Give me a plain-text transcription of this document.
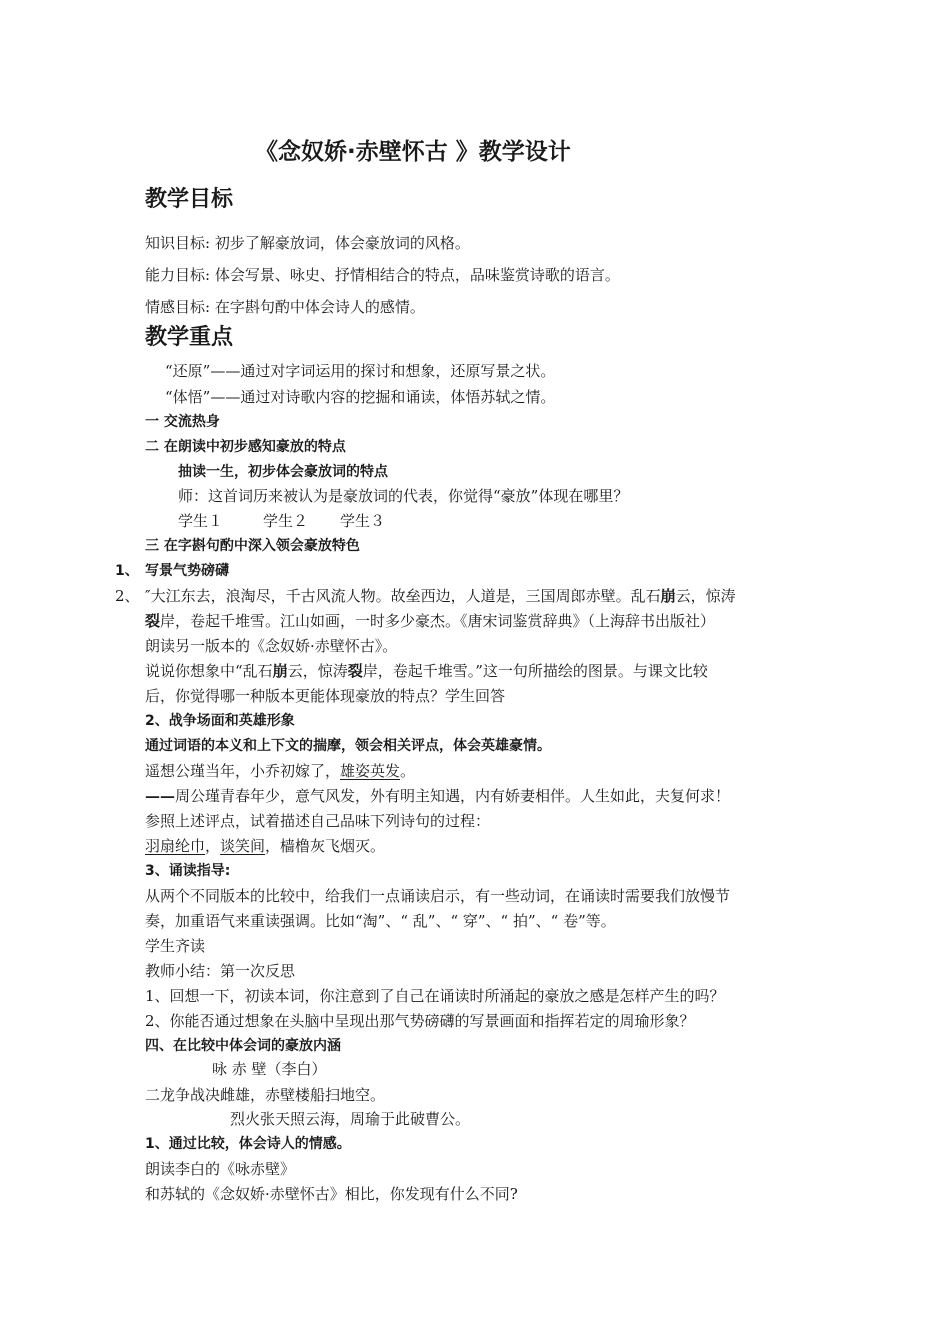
《念奴娇·赤壁怀古 》教学设计
教学目标
知识目标: 初步了解豪放词，体会豪放词的风格。
能力目标: 体会写景、咏史、抒情相结合的特点，品味鉴赏诗歌的语言。
情感目标: 在字斟句酌中体会诗人的感情。
教学重点
“还原”——通过对字词运用的探讨和想象，还原写景之状。
“体悟”——通过对诗歌内容的挖掘和诵读，体悟苏轼之情。
一 交流热身
二 在朗读中初步感知豪放的特点
抽读一生，初步体会豪放词的特点
师：这首词历来被认为是豪放词的代表，你觉得“豪放”体现在哪里？
学生１	学生２ 学生３
三 在字斟句酌中深入领会豪放特色
1、 写景气势磅礴
2、 ″大江东去，浪淘尽，千古风流人物。故垒西边，人道是，三国周郎赤壁。乱石崩云，惊涛
裂岸，卷起千堆雪。江山如画，一时多少豪杰。《唐宋词鉴赏辞典》（上海辞书出版社）
朗读另一版本的《念奴娇·赤壁怀古》。
说说你想象中“乱石崩云，惊涛裂岸，卷起千堆雪。”这一句所描绘的图景。与课文比较
后，你觉得哪一种版本更能体现豪放的特点？学生回答
2、战争场面和英雄形象
通过词语的本义和上下文的揣摩，领会相关评点，体会英雄豪情。
遥想公瑾当年，小乔初嫁了，雄姿英发。
——周公瑾青春年少，意气风发，外有明主知遇，内有娇妻相伴。人生如此，夫复何求！
参照上述评点，试着描述自己品味下列诗句的过程：
羽扇纶巾，谈笑间，樯橹灰飞烟灭。
3、诵读指导:
从两个不同版本的比较中，给我们一点诵读启示，有一些动词，在诵读时需要我们放慢节
奏，加重语气来重读强调。比如“淘”、“ 乱”、“ 穿”、“ 拍”、“ 卷”等。
学生齐读
教师小结：第一次反思
1、回想一下，初读本词，你注意到了自己在诵读时所涌起的豪放之感是怎样产生的吗？
2、你能否通过想象在头脑中呈现出那气势磅礴的写景画面和指挥若定的周瑜形象？
四、在比较中体会词的豪放内涵
咏 赤 壁（李白）
二龙争战决雌雄，赤壁楼船扫地空。
烈火张天照云海，周瑜于此破曹公。
1、通过比较，体会诗人的情感。
朗读李白的《咏赤壁》
和苏轼的《念奴娇·赤壁怀古》相比，你发现有什么不同?
